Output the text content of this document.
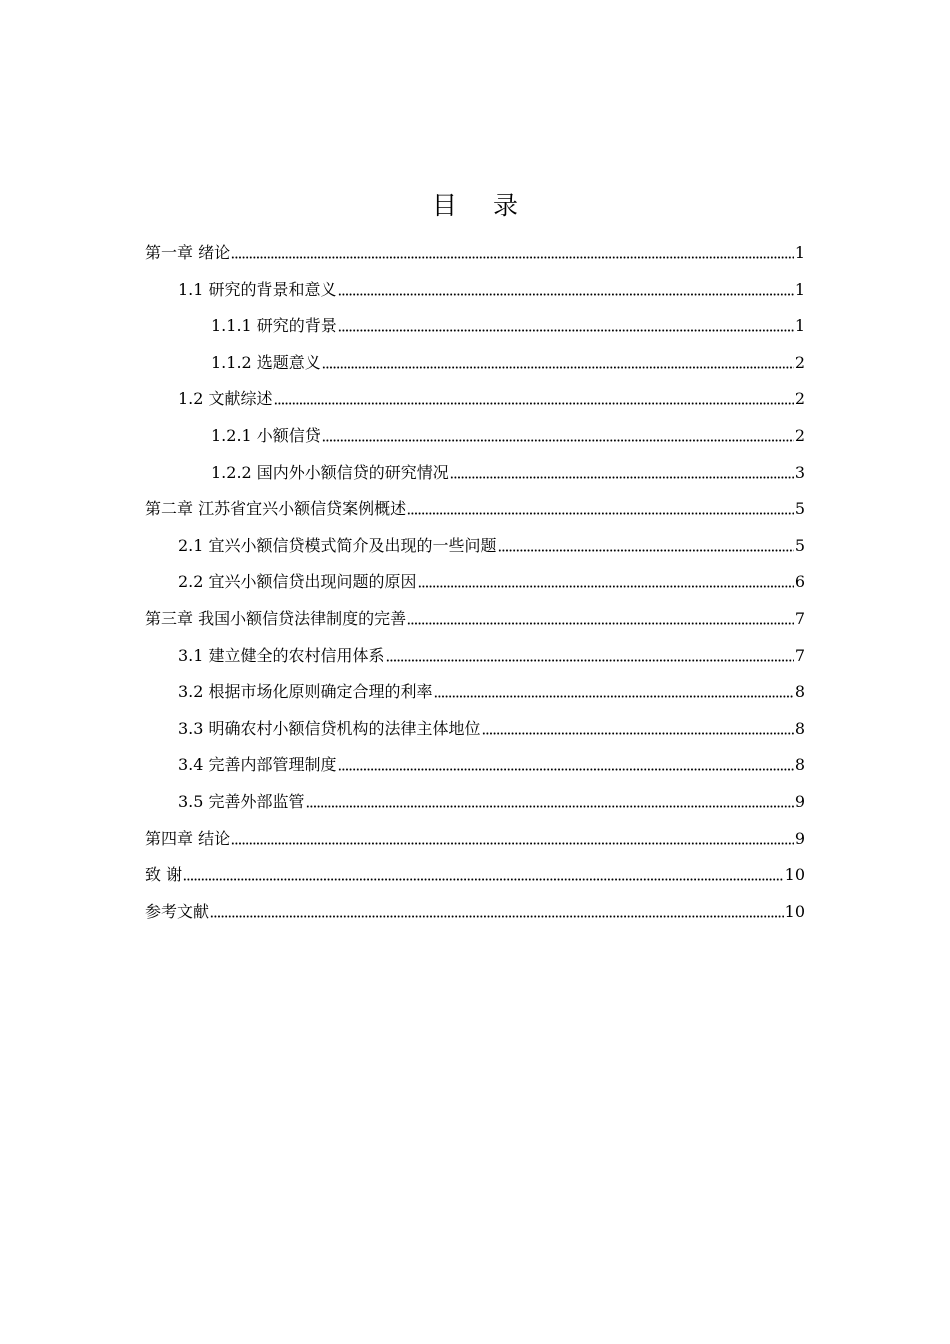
目 录
第一章 绪论	1
1.1 研究的背景和意义	1
1.1.1 研究的背景	1
1.1.2 选题意义	2
1.2 文献综述	2
1.2.1 小额信贷	2
1.2.2 国内外小额信贷的研究情况	3
第二章 江苏省宜兴小额信贷案例概述	5
2.1 宜兴小额信贷模式简介及出现的一些问题	5
2.2 宜兴小额信贷出现问题的原因	6
第三章 我国小额信贷法律制度的完善	7
3.1 建立健全的农村信用体系	7
3.2 根据市场化原则确定合理的利率	8
3.3 明确农村小额信贷机构的法律主体地位	8
3.4 完善内部管理制度	8
3.5 完善外部监管	9
第四章 结论	9
致 谢	10
参考文献	10
